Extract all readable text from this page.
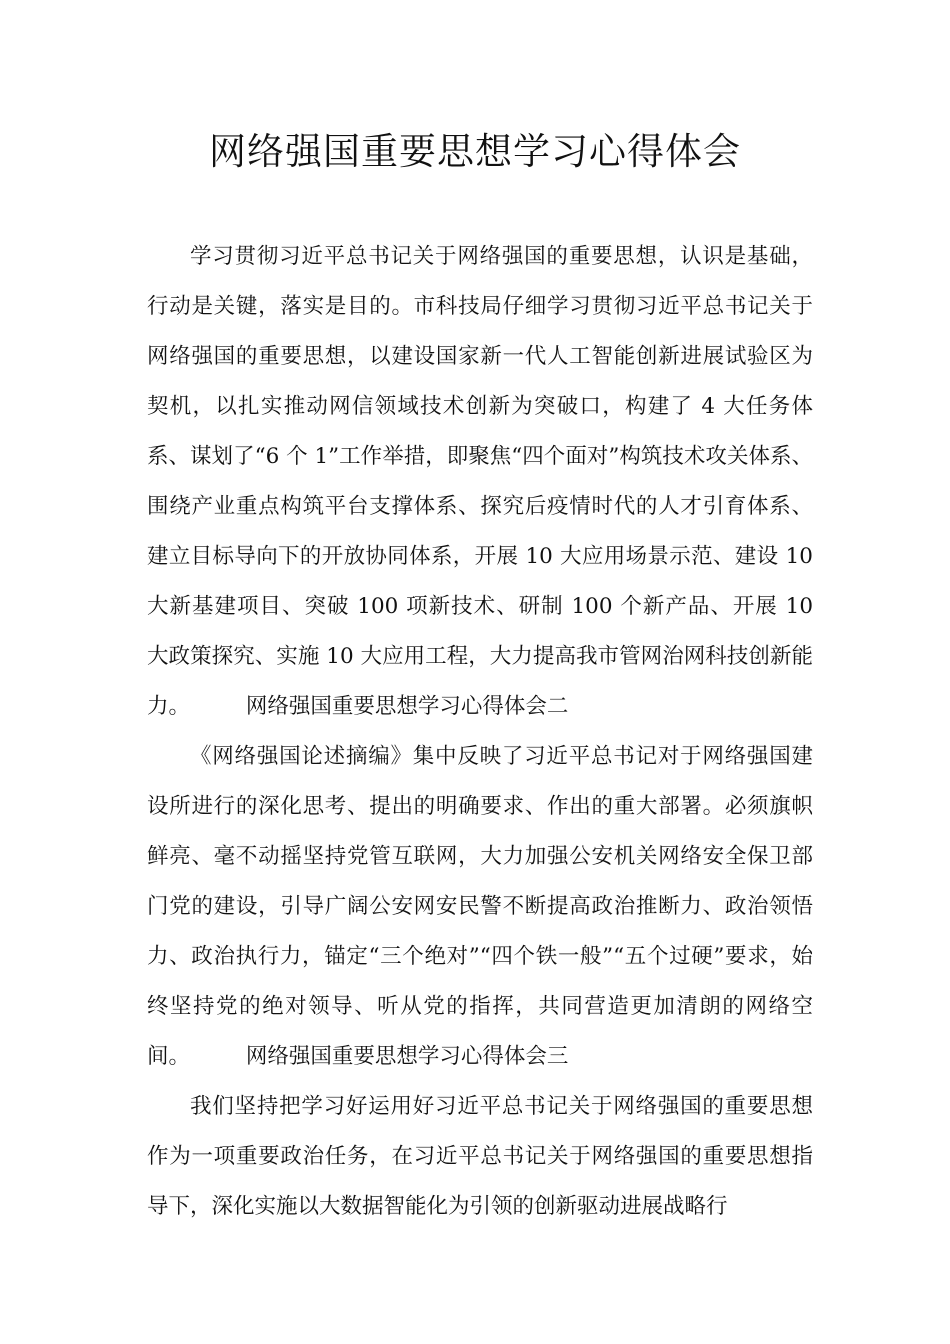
网络强国重要思想学习心得体会

学习贯彻习近平总书记关于网络强国的重要思想，认识是基础，行动是关键，落实是目的。市科技局仔细学习贯彻习近平总书记关于网络强国的重要思想，以建设国家新一代人工智能创新进展试验区为契机，以扎实推动网信领域技术创新为突破口，构建了 4 大任务体系、谋划了“6 个 1”工作举措，即聚焦“四个面对”构筑技术攻关体系、围绕产业重点构筑平台支撑体系、探究后疫情时代的人才引育体系、建立目标导向下的开放协同体系，开展 10 大应用场景示范、建设 10 大新基建项目、突破 100 项新技术、研制 100 个新产品、开展 10 大政策探究、实施 10 大应用工程，大力提高我市管网治网科技创新能力。	网络强国重要思想学习心得体会二

《网络强国论述摘编》集中反映了习近平总书记对于网络强国建设所进行的深化思考、提出的明确要求、作出的重大部署。必须旗帜鲜亮、毫不动摇坚持党管互联网，大力加强公安机关网络安全保卫部门党的建设，引导广阔公安网安民警不断提高政治推断力、政治领悟力、政治执行力，锚定“三个绝对”“四个铁一般”“五个过硬”要求，始终坚持党的绝对领导、听从党的指挥，共同营造更加清朗的网络空间。	网络强国重要思想学习心得体会三

我们坚持把学习好运用好习近平总书记关于网络强国的重要思想作为一项重要政治任务，在习近平总书记关于网络强国的重要思想指导下，深化实施以大数据智能化为引领的创新驱动进展战略行
